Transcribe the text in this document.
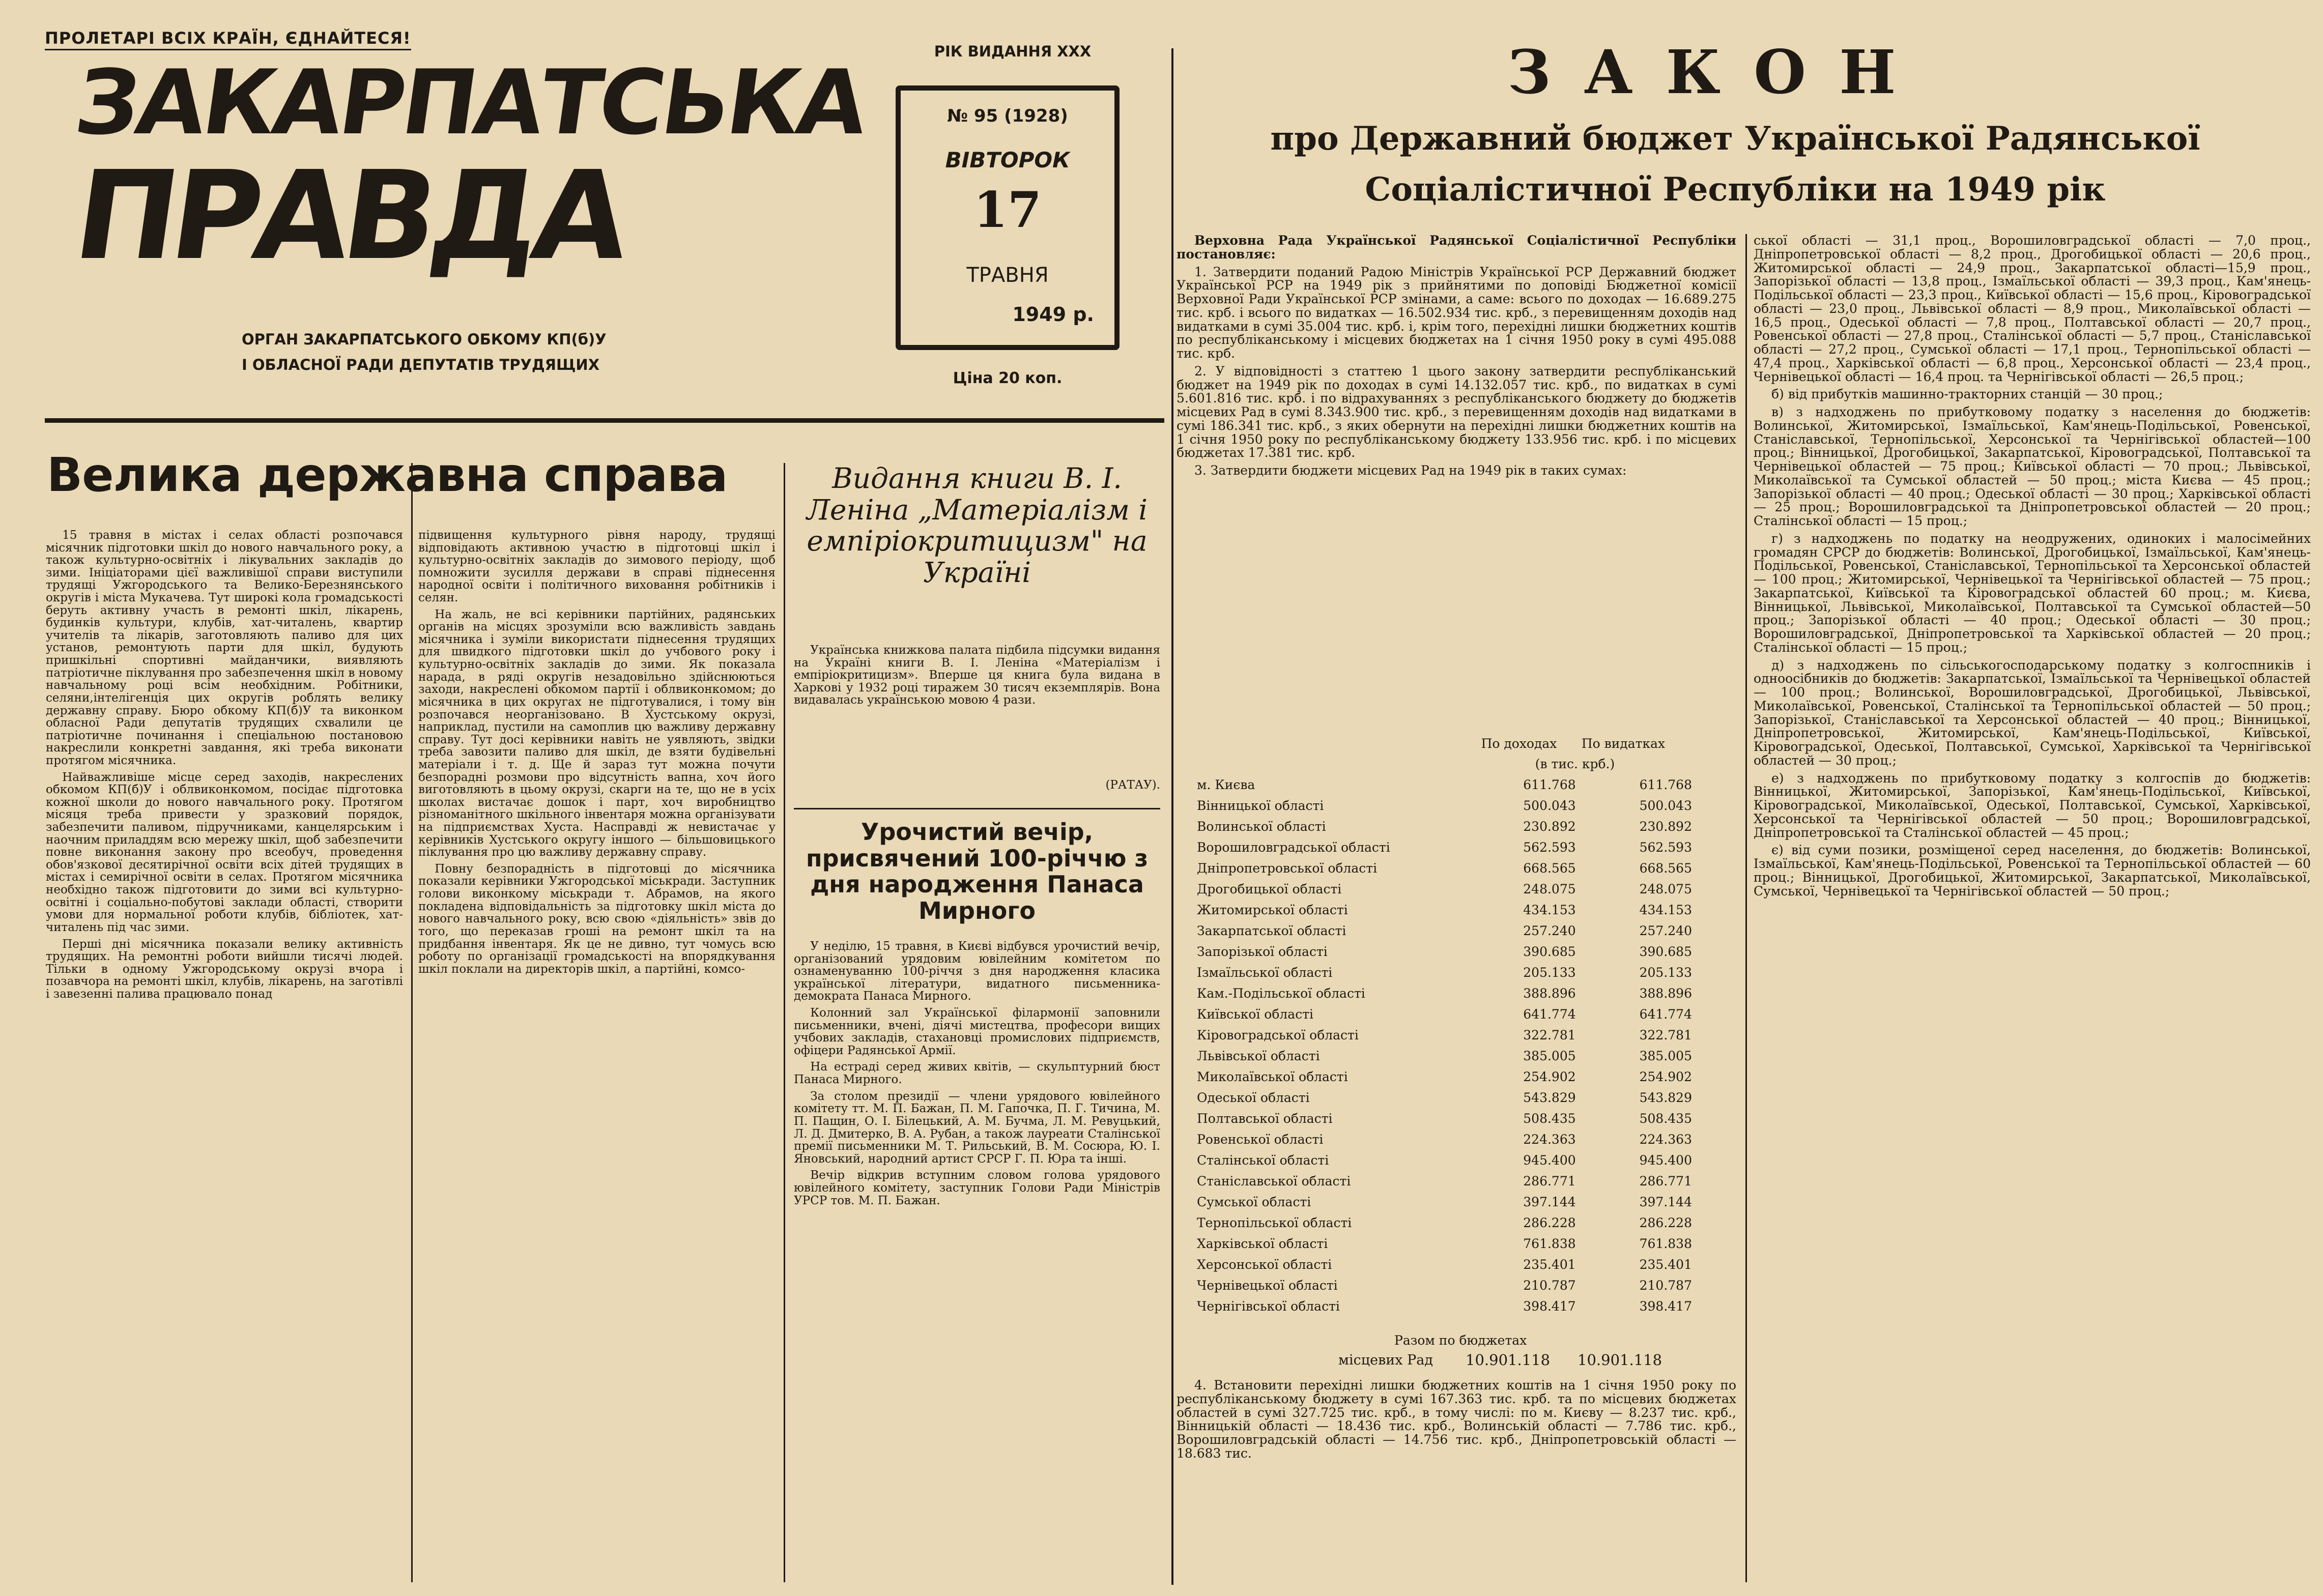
ПРОЛЕТАРІ ВСІХ КРАЇН, ЄДНАЙТЕСЯ!
ЗАКАРПАТСЬКА
ПРАВДА
ОРГАН ЗАКАРПАТСЬКОГО ОБКОМУ КП(б)У
І ОБЛАСНОЇ РАДИ ДЕПУТАТІВ ТРУДЯЩИХ
РІК ВИДАННЯ XXX
№ 95 (1928)
ВІВТОРОК
17
ТРАВНЯ
1949 р.
Ціна 20 коп.
Велика державна справа

15 травня в містах і селах області розпочався місячник підготовки шкіл до нового навчального року, а також культурно-освітніх і лікувальних закладів до зими. Ініціаторами цієї важливішої справи виступили трудящі Ужгородського та Велико-Березнянського округів і міста Мукачева. Тут широкі кола громадськості беруть активну участь в ремонті шкіл, лікарень, будинків культури, клубів, хат-читалень, квартир учителів та лікарів, заготовляють паливо для цих установ, ремонтують парти для шкіл, будують пришкільні спортивні майданчики, виявляють патріотичне піклування про забезпечення шкіл в новому навчальному році всім необхідним. Робітники, селяни,інтелігенція цих округів роблять велику державну справу. Бюро обкому КП(б)У та виконком обласної Ради депутатів трудящих схвалили це патріотичне починання і спеціальною постановою накреслили конкретні завдання, які треба виконати протягом місячника.

Найважливіше місце серед заходів, накреслених обкомом КП(б)У і облвиконкомом, посідає підготовка кожної школи до нового навчального року. Протягом місяця треба привести у зразковий порядок, забезпечити паливом, підручниками, канцелярським і наочним приладдям всю мережу шкіл, щоб забезпечити повне виконання закону про всеобуч, проведення обов'язкової десятирічної освіти всіх дітей трудящих в містах і семирічної освіти в селах. Протягом місячника необхідно також підготовити до зими всі культурно-освітні і соціально-побутові заклади області, створити умови для нормальної роботи клубів, бібліотек, хат-читалень під час зими.

Перші дні місячника показали велику активність трудящих. На ремонтні роботи вийшли тисячі людей. Тільки в одному Ужгородському окрузі вчора і позавчора на ремонті шкіл, клубів, лікарень, на заготівлі і завезенні палива працювало понад

підвищення культурного рівня народу, трудящі відповідають активною участю в підготовці шкіл і культурно-освітніх закладів до зимового періоду, щоб помножити зусилля держави в справі піднесення народної освіти і політичного виховання робітників і селян.

На жаль, не всі керівники партійних, радянських органів на місцях зрозуміли всю важливість завдань місячника і зуміли використати піднесення трудящих для швидкого підготовки шкіл до учбового року і культурно-освітніх закладів до зими. Як показала нарада, в ряді округів незадовільно здійснюються заходи, накреслені обкомом партії і облвиконкомом; до місячника в цих округах не підготувалися, і тому він розпочався неорганізовано. В Хустському окрузі, наприклад, пустили на самоплив цю важливу державну справу. Тут досі керівники навіть не уявляють, звідки треба завозити паливо для шкіл, де взяти будівельні матеріали і т. д. Ще й зараз тут можна почути безпорадні розмови про відсутність вапна, хоч його виготовляють в цьому окрузі, скарги на те, що не в усіх школах вистачає дошок і парт, хоч виробництво різноманітного шкільного інвентаря можна організувати на підприємствах Хуста. Насправді ж невистачає у керівників Хустського округу іншого — більшовицького піклування про цю важливу державну справу.

Повну безпорадність в підготовці до місячника показали керівники Ужгородської міськради. Заступник голови виконкому міськради т. Абрамов, на якого покладена відповідальність за підготовку шкіл міста до нового навчального року, всю свою «діяльність» звів до того, що переказав гроші на ремонт шкіл та на придбання інвентаря. Як це не дивно, тут чомусь всю роботу по організації громадськості на впорядкування шкіл поклали на директорів шкіл, а партійні, комсо-

Видання книги В. І. Леніна „Матеріалізм і емпіріокритицизм" на Україні

Українська книжкова палата підбила підсумки видання на Україні книги В. І. Леніна «Матеріалізм і емпіріокритицизм». Вперше ця книга була видана в Харкові у 1932 році тиражем 30 тисяч екземплярів. Вона видавалась українською мовою 4 рази.

(РАТАУ).
Урочистий вечір, присвячений 100-річчю з дня народження Панаса Мирного

У неділю, 15 травня, в Києві відбувся урочистий вечір, організований урядовим ювілейним комітетом по ознаменуванню 100-річчя з дня народження класика української літератури, видатного письменника-демократа Панаса Мирного.

Колонний зал Української філармонії заповнили письменники, вчені, діячі мистецтва, професори вищих учбових закладів, стахановці промислових підприємств, офіцери Радянської Армії.

На естраді серед живих квітів, — скульптурний бюст Панаса Мирного.

За столом президії — члени урядового ювілейного комітету тт. М. П. Бажан, П. М. Гапочка, П. Г. Тичина, М. П. Пащин, О. І. Білецький, А. М. Бучма, Л. М. Ревуцький, Л. Д. Дмитерко, В. А. Рубан, а також лауреати Сталінської премії письменники М. Т. Рильський, В. М. Сосюра, Ю. І. Яновський, народний артист СРСР Г. П. Юра та інші.

Вечір відкрив вступним словом голова урядового ювілейного комітету, заступник Голови Ради Міністрів УРСР тов. М. П. Бажан.

З А К О Н
про Державний бюджет Української Радянської
Соціалістичної Республіки на 1949 рік

Верховна Рада Української Радянської Соціалістичної Республіки постановляє:

1. Затвердити поданий Радою Міністрів Української РСР Державний бюджет Української РСР на 1949 рік з прийнятими по доповіді Бюджетної комісії Верховної Ради Української РСР змінами, а саме: всього по доходах — 16.689.275 тис. крб. і всього по видатках — 16.502.934 тис. крб., з перевищенням доходів над видатками в сумі 35.004 тис. крб. і, крім того, перехідні лишки бюджетних коштів по республіканському і місцевих бюджетах на 1 січня 1950 року в сумі 495.088 тис. крб.

2. У відповідності з статтею 1 цього закону затвердити республіканський бюджет на 1949 рік по доходах в сумі 14.132.057 тис. крб., по видатках в сумі 5.601.816 тис. крб. і по відрахуваннях з республіканського бюджету до бюджетів місцевих Рад в сумі 8.343.900 тис. крб., з перевищенням доходів над видатками в сумі 186.341 тис. крб., з яких обернути на перехідні лишки бюджетних коштів на 1 січня 1950 року по республіканському бюджету 133.956 тис. крб. і по місцевих бюджетах 17.381 тис. крб.

3. Затвердити бюджети місцевих Рад на 1949 рік в таких сумах:

По доходах	По видатках
(в тис. крб.)
м. Києва	611.768	611.768
Вінницької області	500.043	500.043
Волинської області	230.892	230.892
Ворошиловградської області	562.593	562.593
Дніпропетровської області	668.565	668.565
Дрогобицької області	248.075	248.075
Житомирської області	434.153	434.153
Закарпатської області	257.240	257.240
Запорізької області	390.685	390.685
Ізмаїльської області	205.133	205.133
Кам.-Подільської області	388.896	388.896
Київської області	641.774	641.774
Кіровоградської області	322.781	322.781
Львівської області	385.005	385.005
Миколаївської області	254.902	254.902
Одеської області	543.829	543.829
Полтавської області	508.435	508.435
Ровенської області	224.363	224.363
Сталінської області	945.400	945.400
Станіславської області	286.771	286.771
Сумської області	397.144	397.144
Тернопільської області	286.228	286.228
Харківської області	761.838	761.838
Херсонської області	235.401	235.401
Чернівецької області	210.787	210.787
Чернігівської області	398.417	398.417
Разом по бюджетах
місцевих Рад	10.901.118	10.901.118

4. Встановити перехідні лишки бюджетних коштів на 1 січня 1950 року по республіканському бюджету в сумі 167.363 тис. крб. та по місцевих бюджетах областей в сумі 327.725 тис. крб., в тому числі: по м. Києву — 8.237 тис. крб., Вінницькій області — 18.436 тис. крб., Волинській області — 7.786 тис. крб., Ворошиловградській області — 14.756 тис. крб., Дніпропетровській області — 18.683 тис.

ської області — 31,1 проц., Ворошиловградської області — 7,0 проц., Дніпропетровської області — 8,2 проц., Дрогобицької області — 20,6 проц., Житомирської області — 24,9 проц., Закарпатської області—15,9 проц., Запорізької області — 13,8 проц., Ізмаїльської області — 39,3 проц., Кам'янець-Подільської області — 23,3 проц., Київської області — 15,6 проц., Кіровоградської області — 23,0 проц., Львівської області — 8,9 проц., Миколаївської області — 16,5 проц., Одеської області — 7,8 проц., Полтавської області — 20,7 проц., Ровенської області — 27,8 проц., Сталінської області — 5,7 проц., Станіславської області — 27,2 проц., Сумської області — 17,1 проц., Тернопільської області — 47,4 проц., Харківської області — 6,8 проц., Херсонської області — 23,4 проц., Чернівецької області — 16,4 проц. та Чернігівської області — 26,5 проц.;

б) від прибутків машинно-тракторних станцій — 30 проц.;

в) з надходжень по прибутковому податку з населення до бюджетів: Волинської, Житомирської, Ізмаїльської, Кам'янець-Подільської, Ровенської, Станіславської, Тернопільської, Херсонської та Чернігівської областей—100 проц.; Вінницької, Дрогобицької, Закарпатської, Кіровоградської, Полтавської та Чернівецької областей — 75 проц.; Київської області — 70 проц.; Львівської, Миколаївської та Сумської областей — 50 проц.; міста Києва — 45 проц.; Запорізької області — 40 проц.; Одеської області — 30 проц.; Харківської області — 25 проц.; Ворошиловградської та Дніпропетровської областей — 20 проц.; Сталінської області — 15 проц.;

г) з надходжень по податку на неодружених, одиноких і малосімейних громадян СРСР до бюджетів: Волинської, Дрогобицької, Ізмаїльської, Кам'янець-Подільської, Ровенської, Станіславської, Тернопільської та Херсонської областей — 100 проц.; Житомирської, Чернівецької та Чернігівської областей — 75 проц.; Закарпатської, Київської та Кіровоградської областей 60 проц.; м. Києва, Вінницької, Львівської, Миколаївської, Полтавської та Сумської областей—50 проц.; Запорізької області — 40 проц.; Одеської області — 30 проц.; Ворошиловградської, Дніпропетровської та Харківської областей — 20 проц.; Сталінської області — 15 проц.;

д) з надходжень по сільськогосподарському податку з колгоспників і одноосібників до бюджетів: Закарпатської, Ізмаїльської та Чернівецької областей — 100 проц.; Волинської, Ворошиловградської, Дрогобицької, Львівської, Миколаївської, Ровенської, Сталінської та Тернопільської областей — 50 проц.; Запорізької, Станіславської та Херсонської областей — 40 проц.; Вінницької, Дніпропетровської, Житомирської, Кам'янець-Подільської, Київської, Кіровоградської, Одеської, Полтавської, Сумської, Харківської та Чернігівської областей — 30 проц.;

е) з надходжень по прибутковому податку з колгоспів до бюджетів: Вінницької, Житомирської, Запорізької, Кам'янець-Подільської, Київської, Кіровоградської, Миколаївської, Одеської, Полтавської, Сумської, Харківської, Херсонської та Чернігівської областей — 50 проц.; Ворошиловградської, Дніпропетровської та Сталінської областей — 45 проц.;

є) від суми позики, розміщеної серед населення, до бюджетів: Волинської, Ізмаїльської, Кам'янець-Подільської, Ровенської та Тернопільської областей — 60 проц.; Вінницької, Дрогобицької, Житомирської, Закарпатської, Миколаївської, Сумської, Чернівецької та Чернігівської областей — 50 проц.;
